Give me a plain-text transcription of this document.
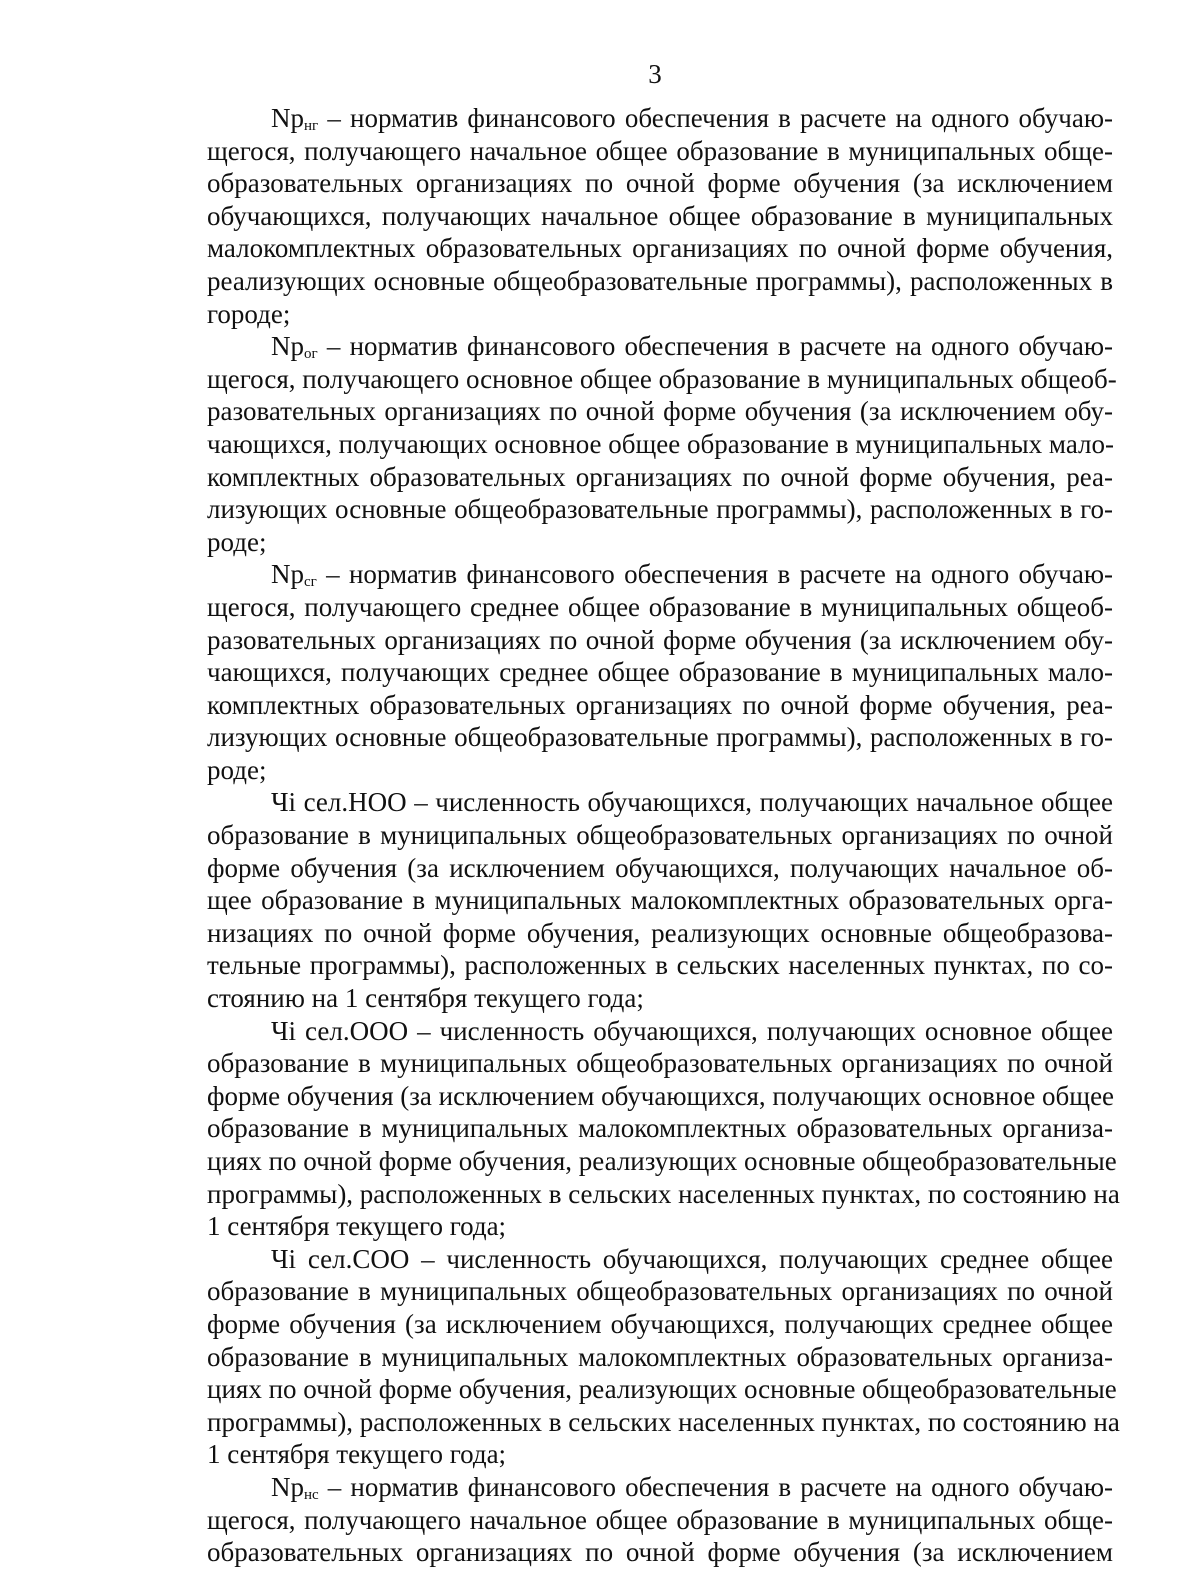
3
$Np_{нг}$ – норматив финансового обеспечения в расчете на одного обучаю-
щегося, получающего начальное общее образование в муниципальных обще-
образовательных организациях по очной форме обучения (за исключением
обучающихся, получающих начальное общее образование в муниципальных
малокомплектных образовательных организациях по очной форме обучения,
реализующих основные общеобразовательные программы), расположенных в
городе;
$Np_{ог}$ – норматив финансового обеспечения в расчете на одного обучаю-
щегося, получающего основное общее образование в муниципальных общеоб-
разовательных организациях по очной форме обучения (за исключением обу-
чающихся, получающих основное общее образование в муниципальных мало-
комплектных образовательных организациях по очной форме обучения, реа-
лизующих основные общеобразовательные программы), расположенных в го-
роде;
$Np_{сг}$ – норматив финансового обеспечения в расчете на одного обучаю-
щегося, получающего среднее общее образование в муниципальных общеоб-
разовательных организациях по очной форме обучения (за исключением обу-
чающихся, получающих среднее общее образование в муниципальных мало-
комплектных образовательных организациях по очной форме обучения, реа-
лизующих основные общеобразовательные программы), расположенных в го-
роде;
Чi сел.НОО – численность обучающихся, получающих начальное общее
образование в муниципальных общеобразовательных организациях по очной
форме обучения (за исключением обучающихся, получающих начальное об-
щее образование в муниципальных малокомплектных образовательных орга-
низациях по очной форме обучения, реализующих основные общеобразова-
тельные программы), расположенных в сельских населенных пунктах, по со-
стоянию на 1 сентября текущего года;
Чi сел.ООО – численность обучающихся, получающих основное общее
образование в муниципальных общеобразовательных организациях по очной
форме обучения (за исключением обучающихся, получающих основное общее
образование в муниципальных малокомплектных образовательных организа-
циях по очной форме обучения, реализующих основные общеобразовательные
программы), расположенных в сельских населенных пунктах, по состоянию на
1 сентября текущего года;
Чi сел.СОО – численность обучающихся, получающих среднее общее
образование в муниципальных общеобразовательных организациях по очной
форме обучения (за исключением обучающихся, получающих среднее общее
образование в муниципальных малокомплектных образовательных организа-
циях по очной форме обучения, реализующих основные общеобразовательные
программы), расположенных в сельских населенных пунктах, по состоянию на
1 сентября текущего года;
$Np_{нс}$ – норматив финансового обеспечения в расчете на одного обучаю-
щегося, получающего начальное общее образование в муниципальных обще-
образовательных организациях по очной форме обучения (за исключением
